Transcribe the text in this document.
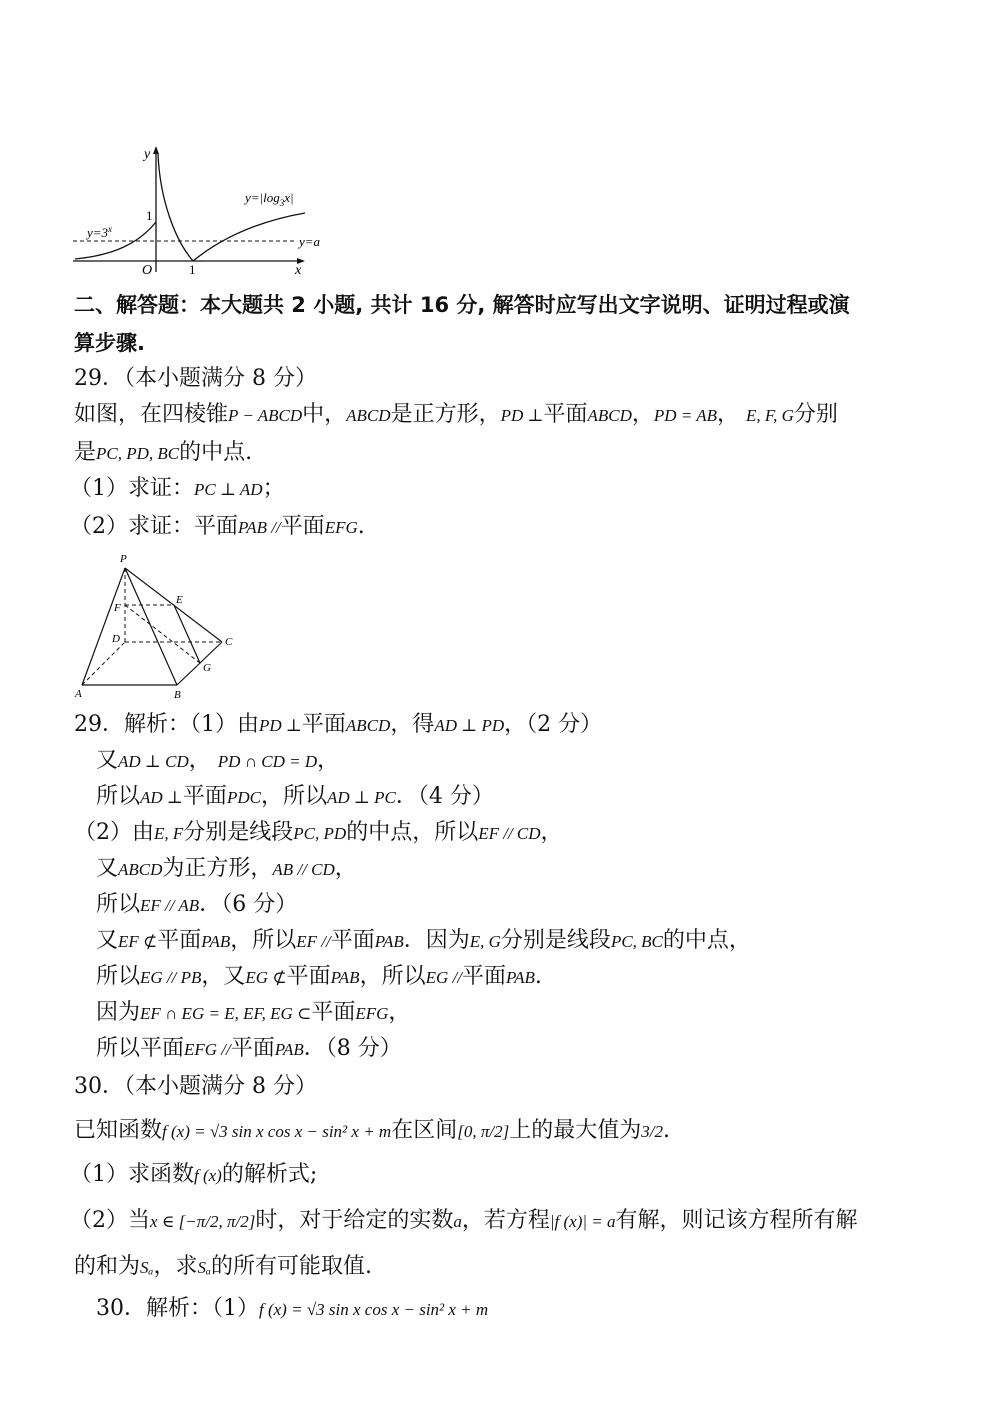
y
x
O
1
1
$y=3^x$
$y=|\log_3x|$
y=a
二、解答题：本大题共 2 小题, 共计 16 分, 解答时应写出文字说明、证明过程或演
算步骤.
29．（本小题满分 8 分）
如图，在四棱锥P − ABCD中，ABCD是正方形，PD ⊥平面ABCD，PD = AB， E, F, G分别
是PC, PD, BC的中点.
（1）求证：PC ⊥ AD；
（2）求证：平面PAB //平面EFG.
P
E
F
D	C
G
A	B
29．解析：（1）由PD ⊥平面ABCD，得AD ⊥ PD，（2 分）
又AD ⊥ CD， PD ∩ CD = D，
所以AD ⊥平面PDC，所以AD ⊥ PC．（4 分）
（2）由E, F分别是线段PC, PD的中点，所以EF // CD，
又ABCD为正方形，AB // CD，
所以EF // AB．（6 分）
又EF ⊄平面PAB，所以EF //平面PAB．因为E, G分别是线段PC, BC的中点，
所以EG // PB，又EG ⊄平面PAB，所以EG //平面PAB.
因为EF ∩ EG = E, EF, EG ⊂平面EFG，
所以平面EFG //平面PAB．（8 分）
30．（本小题满分 8 分）
已知函数f (x) = √3 sin x cos x − sin² x + m在区间[0, π/2]上的最大值为3/2.
（1）求函数f (x)的解析式;
（2）当x ∈ [−π/2, π/2]时，对于给定的实数a，若方程|f (x)| = a有解，则记该方程所有解
的和为Sₐ，求Sₐ的所有可能取值.
30．解析：（1）f (x) = √3 sin x cos x − sin² x + m
